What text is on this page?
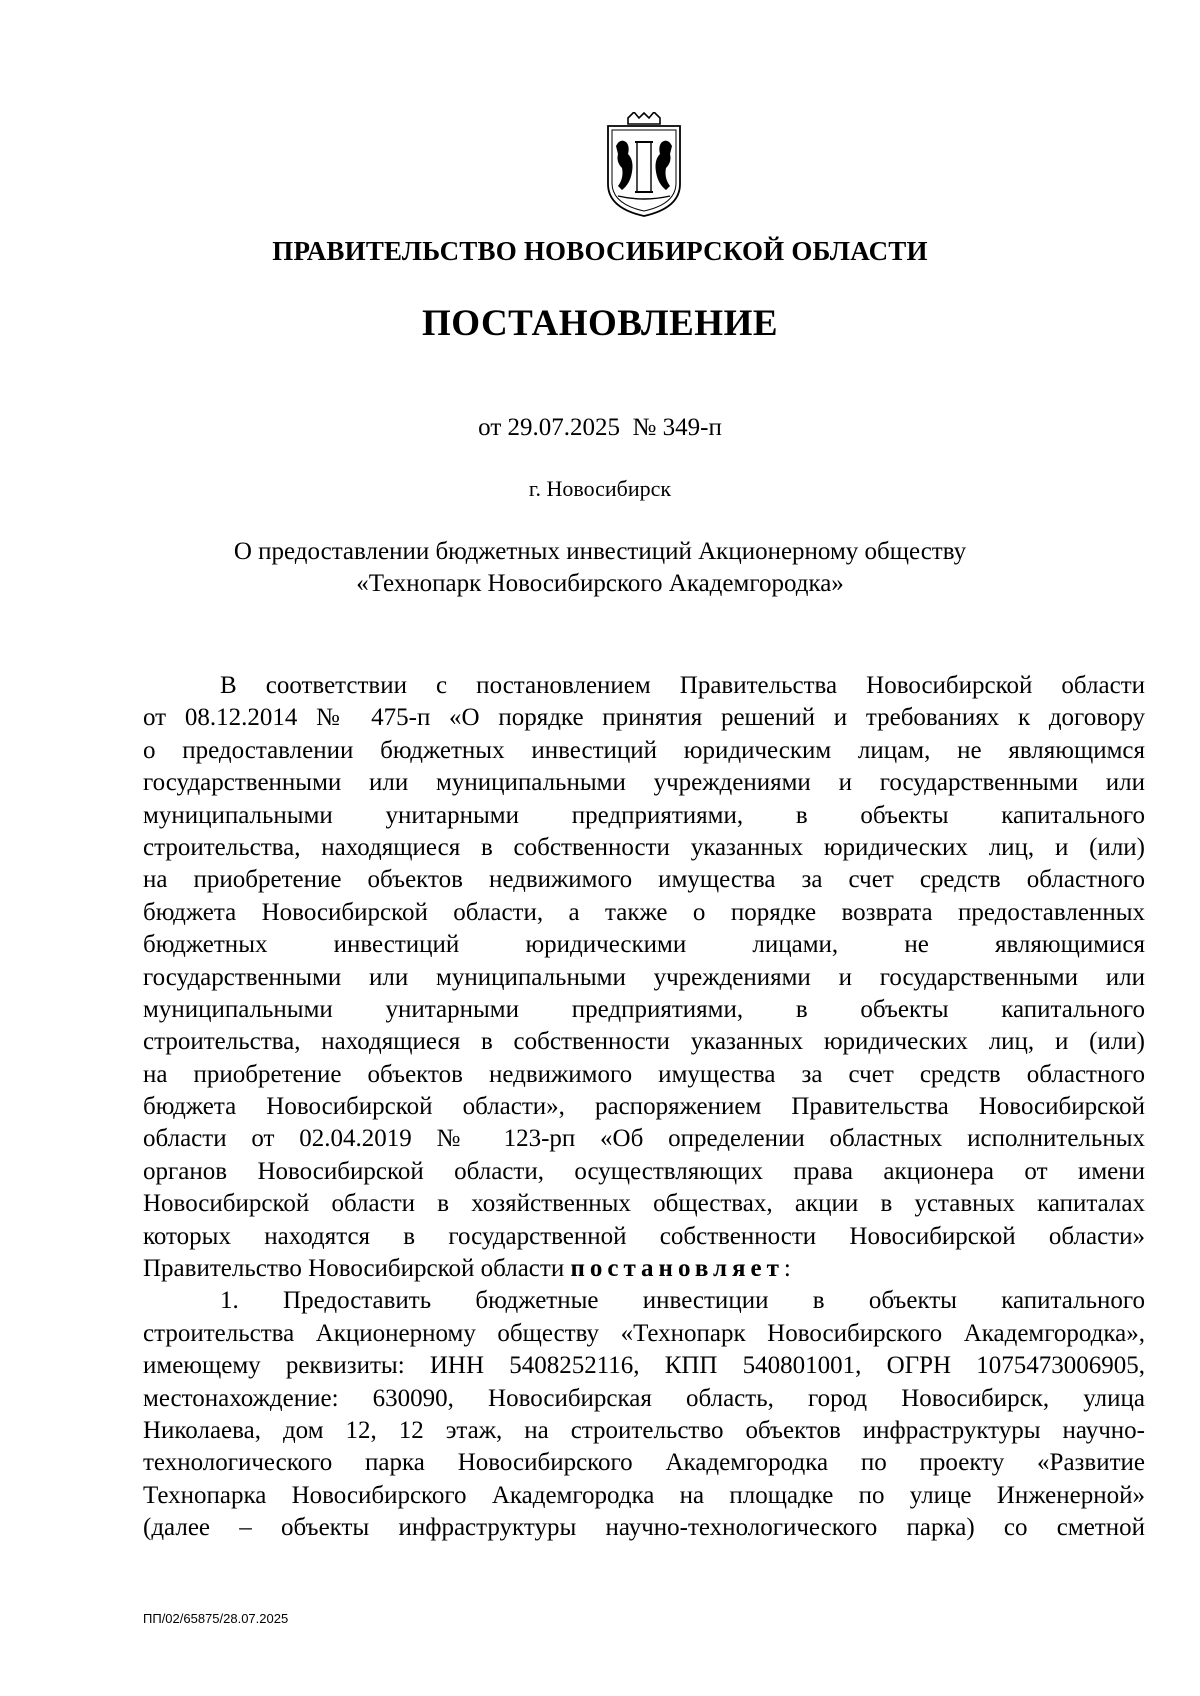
ПРАВИТЕЛЬСТВО НОВОСИБИРСКОЙ ОБЛАСТИ
ПОСТАНОВЛЕНИЕ
от 29.07.2025  № 349-п
г. Новосибирск
О предоставлении бюджетных инвестиций Акционерному обществу
«Технопарк Новосибирского Академгородка»
В соответствии с постановлением Правительства Новосибирской области
от 08.12.2014 № 475-п «О порядке принятия решений и требованиях к договору
о предоставлении бюджетных инвестиций юридическим лицам, не являющимся
государственными или муниципальными учреждениями и государственными или
муниципальными унитарными предприятиями, в объекты капитального
строительства, находящиеся в собственности указанных юридических лиц, и (или)
на приобретение объектов недвижимого имущества за счет средств областного
бюджета Новосибирской области, а также о порядке возврата предоставленных
бюджетных инвестиций юридическими лицами, не являющимися
государственными или муниципальными учреждениями и государственными или
муниципальными унитарными предприятиями, в объекты капитального
строительства, находящиеся в собственности указанных юридических лиц, и (или)
на приобретение объектов недвижимого имущества за счет средств областного
бюджета Новосибирской области», распоряжением Правительства Новосибирской
области от 02.04.2019 № 123-рп «Об определении областных исполнительных
органов Новосибирской области, осуществляющих права акционера от имени
Новосибирской области в хозяйственных обществах, акции в уставных капиталах
которых находятся в государственной собственности Новосибирской области»
Правительство Новосибирской области постановляет:
1. Предоставить бюджетные инвестиции в объекты капитального
строительства Акционерному обществу «Технопарк Новосибирского Академгородка»,
имеющему реквизиты: ИНН 5408252116, КПП 540801001, ОГРН 1075473006905,
местонахождение: 630090, Новосибирская область, город Новосибирск, улица
Николаева, дом 12, 12 этаж, на строительство объектов инфраструктуры научно-
технологического парка Новосибирского Академгородка по проекту «Развитие
Технопарка Новосибирского Академгородка на площадке по улице Инженерной»
(далее – объекты инфраструктуры научно-технологического парка) со сметной
ПП/02/65875/28.07.2025
